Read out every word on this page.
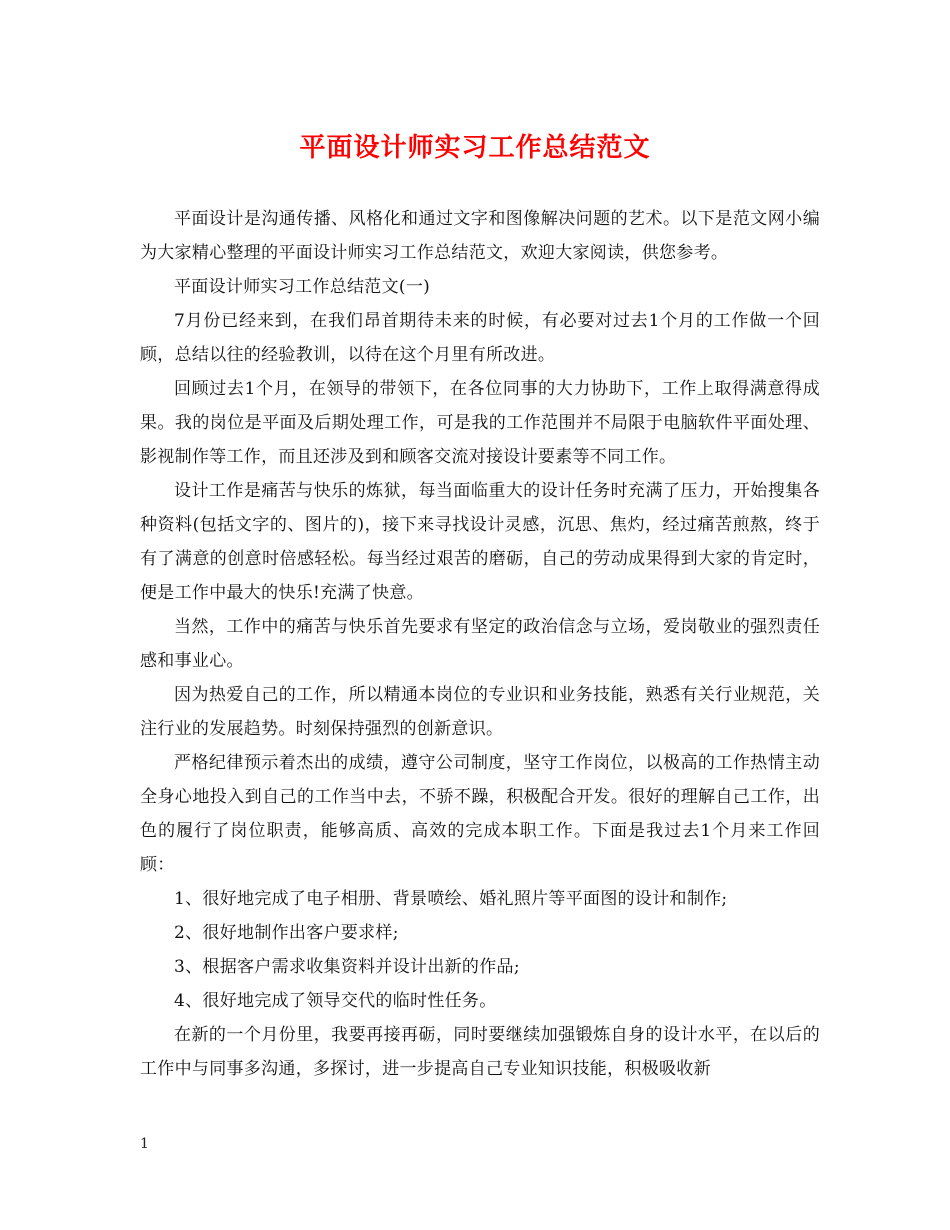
平面设计师实习工作总结范文

平面设计是沟通传播、风格化和通过文字和图像解决问题的艺术。以下是范文网小编为大家精心整理的平面设计师实习工作总结范文，欢迎大家阅读，供您参考。

平面设计师实习工作总结范文(一)

7月份已经来到，在我们昂首期待未来的时候，有必要对过去1个月的工作做一个回顾，总结以往的经验教训，以待在这个月里有所改进。

回顾过去1个月，在领导的带领下，在各位同事的大力协助下，工作上取得满意得成果。我的岗位是平面及后期处理工作，可是我的工作范围并不局限于电脑软件平面处理、影视制作等工作，而且还涉及到和顾客交流对接设计要素等不同工作。

设计工作是痛苦与快乐的炼狱，每当面临重大的设计任务时充满了压力，开始搜集各种资料(包括文字的、图片的)，接下来寻找设计灵感，沉思、焦灼，经过痛苦煎熬，终于有了满意的创意时倍感轻松。每当经过艰苦的磨砺，自己的劳动成果得到大家的肯定时，便是工作中最大的快乐!充满了快意。

当然，工作中的痛苦与快乐首先要求有坚定的政治信念与立场，爱岗敬业的强烈责任感和事业心。

因为热爱自己的工作，所以精通本岗位的专业识和业务技能，熟悉有关行业规范，关注行业的发展趋势。时刻保持强烈的创新意识。

严格纪律预示着杰出的成绩，遵守公司制度，坚守工作岗位，以极高的工作热情主动全身心地投入到自己的工作当中去，不骄不躁，积极配合开发。很好的理解自己工作，出色的履行了岗位职责，能够高质、高效的完成本职工作。下面是我过去1个月来工作回顾：

1、很好地完成了电子相册、背景喷绘、婚礼照片等平面图的设计和制作;

2、很好地制作出客户要求样;

3、根据客户需求收集资料并设计出新的作品;

4、很好地完成了领导交代的临时性任务。

在新的一个月份里，我要再接再砺，同时要继续加强锻炼自身的设计水平，在以后的工作中与同事多沟通，多探讨，进一步提高自己专业知识技能，积极吸收新

1
